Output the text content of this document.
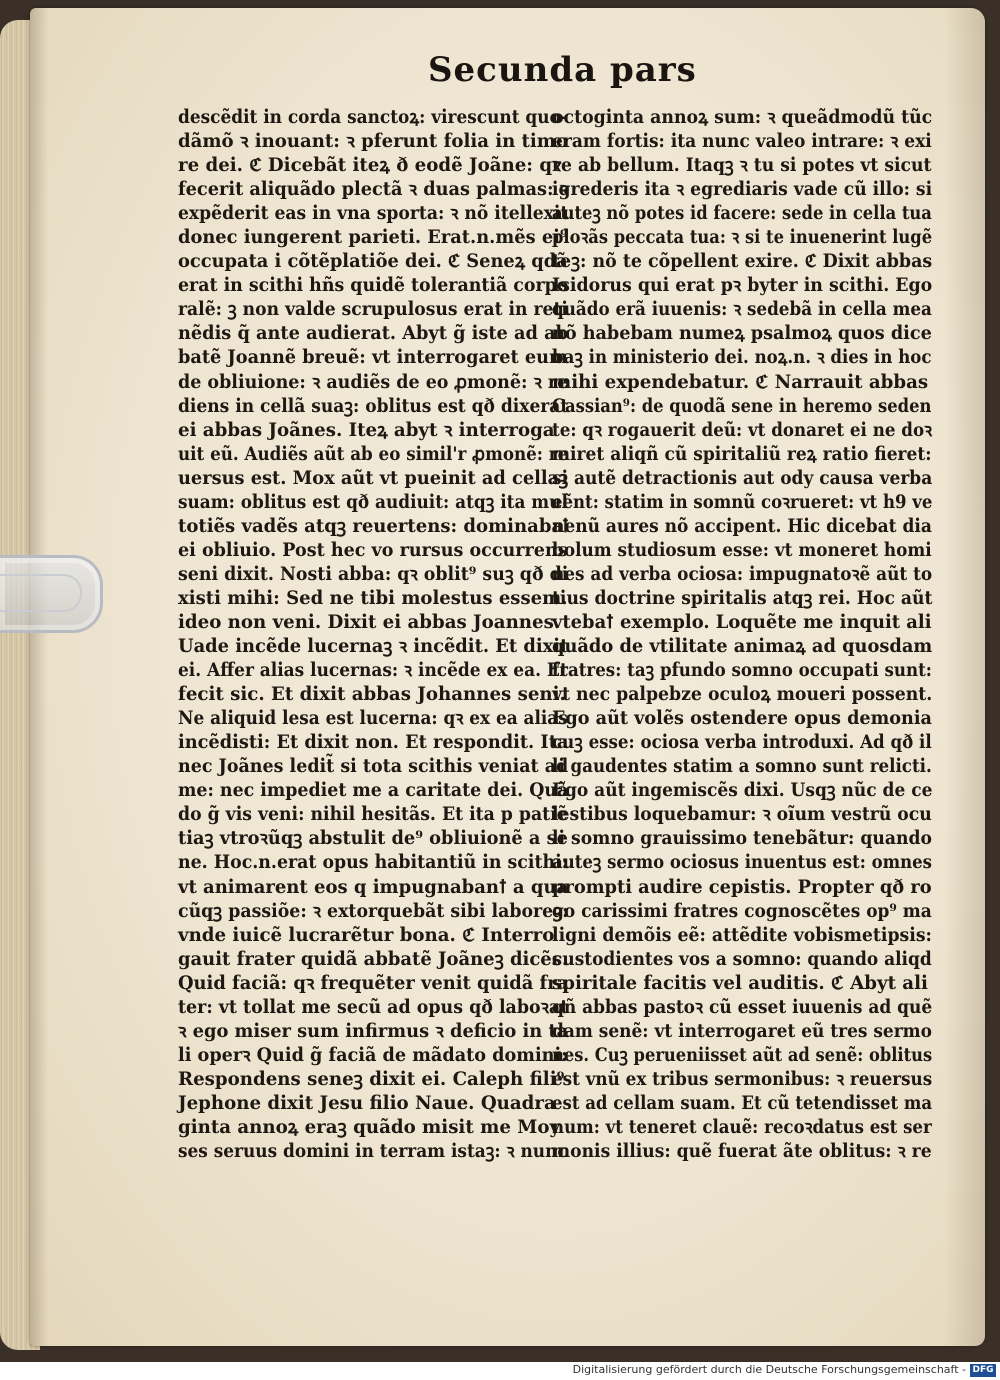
Secunda pars
descẽdit in corda sanctoꝝ: virescunt quo-
dãmõ ꝛ inouant: ꝛ pferunt folia in timo
re dei. ℭ Dicebãt iteꝝ ð eodẽ Joãne: qꝛ
fecerit aliquãdo plectã ꝛ duas palmas: ꝛ
expẽderit eas in vna sporta: ꝛ nõ itellexit
donec iungerent parieti. Erat.n.mẽs ei⁹
occupata i cõtẽplatiõe dei. ℭ Seneꝝ qdã
erat in scithi hñs quidẽ tolerantiã corpo
ralẽ: ꝫ non valde scrupulosus erat in reti
nẽdis q̃ ante audierat. Abyt g̃ iste ad ab
batẽ Joannẽ breuẽ: vt interrogaret eum
de obliuione: ꝛ audiẽs de eo ꝓmonẽ: ꝛ re
diens in cellã suaꝫ: oblitus est qð dixerat
ei abbas Joãnes. Iteꝝ abyt ꝛ interroga
uit eũ. Audiẽs aũt ab eo simil'r ꝓmonẽ: re
uersus est. Mox aũt vt pueinit ad cellaꝫ
suam: oblitus est qð audiuit: atqꝫ ita mul
totiẽs vadẽs atqꝫ reuertens: dominabaꝉ
ei obliuio. Post hec vo rursus occurrens
seni dixit. Nosti abba: qꝛ oblit⁹ suꝫ qð di
xisti mihi: Sed ne tibi molestus essem.
ideo non veni. Dixit ei abbas Joannes.
Uade incẽde lucernaꝫ ꝛ incẽdit. Et dixit
ei. Affer alias lucernas: ꝛ incẽde ex ea. Et
fecit sic. Et dixit abbas Johannes seni.
Ne aliquid lesa est lucerna: qꝛ ex ea alias
incẽdisti: Et dixit non. Et respondit. Ita
nec Joãnes ledit̃ si tota scithis veniat ad
me: nec impediet me a caritate dei. Quã
do g̃ vis veni: nihil hesitãs. Et ita p patiẽ
tiaꝫ vtroꝛũqꝫ abstulit de⁹ obliuionẽ a se
ne. Hoc.n.erat opus habitantiũ in scithi:
vt animarent eos q impugnabanꝉ a qua
cũqꝫ passiõe: ꝛ extorquebãt sibi laboreꝫ:
vnde iuicẽ lucrarẽtur bona. ℭ Interro
gauit frater quidã abbatẽ Joãneꝫ dicẽs.
Quid faciã: qꝛ frequẽter venit quidã fra
ter: vt tollat me secũ ad opus qð laboꝛat
ꝛ ego miser sum infirmus ꝛ deficio in ta
li operꝛ Quid g̃ faciã de mãdato domini:
Respondens seneꝫ dixit ei. Caleph fili⁹
Jephone dixit Jesu filio Naue. Quadra
ginta annoꝝ eraꝫ quãdo misit me Moy
ses seruus domini in terram istaꝫ: ꝛ nunc
octoginta annoꝝ sum: ꝛ queãdmodũ tũc
eram fortis: ita nunc valeo intrare: ꝛ exi
re ab bellum. Itaqꝫ ꝛ tu si potes vt sicut
igrederis ita ꝛ egrediaris vade cũ illo: si
auteꝫ nõ potes id facere: sede in cella tua
ploꝛãs peccata tua: ꝛ si te inuenerint lugẽ
teꝫ: nõ te cõpellent exire. ℭ Dixit abbas
Isidorus qui erat pꝛ byter in scithi. Ego
quãdo erã iuuenis: ꝛ sedebã in cella mea
nõ habebam numeꝝ psalmoꝝ quos dice
baꝫ in ministerio dei. noꝝ.n. ꝛ dies in hoc
mihi expendebatur. ℭ Narrauit abbas
Cassian⁹: de quodã sene in heremo seden
te: qꝛ rogauerit deũ: vt donaret ei ne doꝛ
miret aliqñ cũ spiritaliũ reꝝ ratio fieret:
si autẽ detractionis aut ody causa verba
eẽnt: statim in somnũ coꝛrueret: vt h9 ve
nenũ aures nõ accipent. Hic dicebat dia
bolum studiosum esse: vt moneret homi
nes ad verba ociosa: impugnatoꝛẽ aũt to
tius doctrine spiritalis atqꝫ rei. Hoc aũt
vtebaꝉ exemplo. Loquẽte me inquit ali
quãdo de vtilitate animaꝝ ad quosdam
fratres: taꝫ pfundo somno occupati sunt:
vt nec palpebze oculoꝝ moueri possent.
Ego aũt volẽs ostendere opus demonia
cuꝫ esse: ociosa verba introduxi. Ad qð il
li gaudentes statim a somno sunt relicti.
Ego aũt ingemiscẽs dixi. Usqꝫ nũc de ce
lestibus loquebamur: ꝛ oĩum vestrũ ocu
li somno grauissimo tenebãtur: quando
auteꝫ sermo ociosus inuentus est: omnes
prompti audire cepistis. Propter qð ro
go carissimi fratres cognoscẽtes op⁹ ma
ligni demõis eẽ: attẽdite vobismetipsis:
custodientes vos a somno: quando aliqd
spiritale facitis vel auditis. ℭ Abyt ali
qñ abbas pastoꝛ cũ esset iuuenis ad quẽ
dam senẽ: vt interrogaret eũ tres sermo
nes. Cuꝫ perueniisset aũt ad senẽ: oblitus
est vnũ ex tribus sermonibus: ꝛ reuersus
est ad cellam suam. Et cũ tetendisset ma
num: vt teneret clauẽ: recoꝛdatus est ser
monis illius: quẽ fuerat ãte oblitus: ꝛ re
Digitalisierung gefördert durch die Deutsche Forschungsgemeinschaft - DFG
